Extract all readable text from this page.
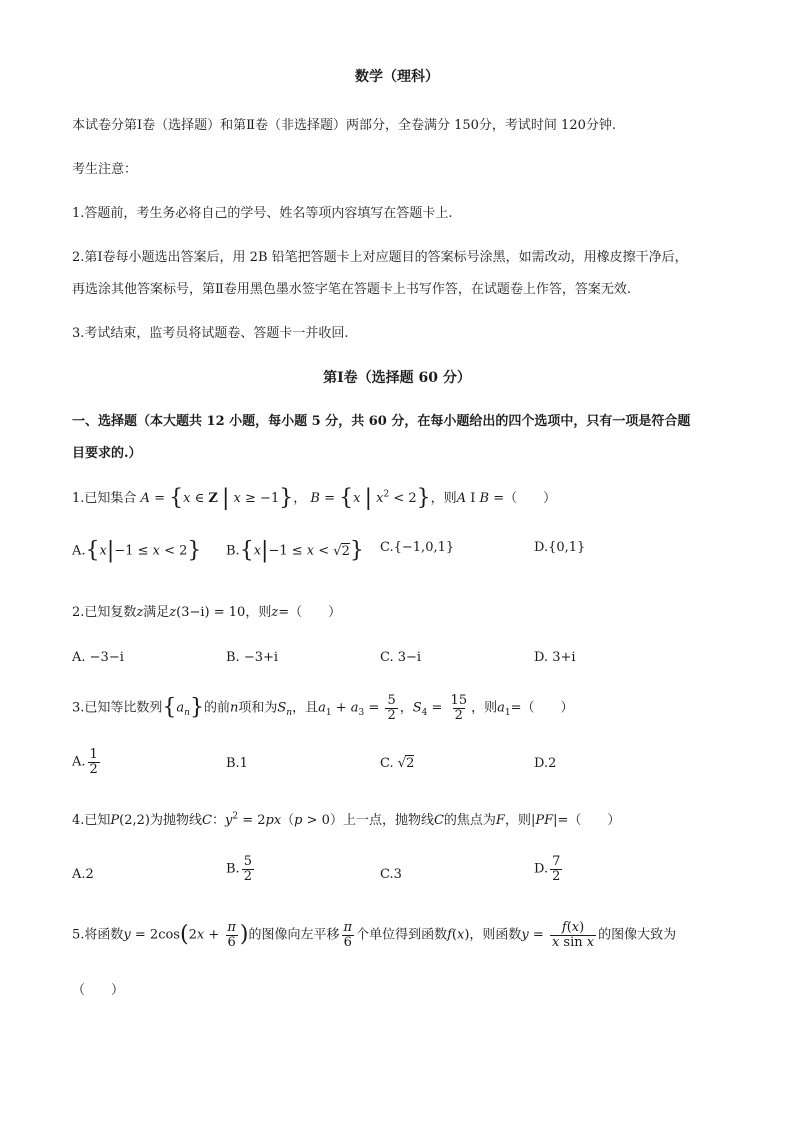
数学（理科）
本试卷分第Ⅰ卷（选择题）和第Ⅱ卷（非选择题）两部分，全卷满分 150分，考试时间 120分钟.
考生注意：
1.答题前，考生务必将自己的学号、姓名等项内容填写在答题卡上.
2.第Ⅰ卷每小题选出答案后，用 2B 铅笔把答题卡上对应题目的答案标号涂黑，如需改动，用橡皮擦干净后，
再选涂其他答案标号，第Ⅱ卷用黑色墨水签字笔在答题卡上书写作答，在试题卷上作答，答案无效.
3.考试结束，监考员将试题卷、答题卡一并收回.
第Ⅰ卷（选择题 60 分）
一、选择题（本大题共 12 小题，每小题 5 分，共 60 分，在每小题给出的四个选项中，只有一项是符合题
目要求的.）
1.已知集合 A = {x ∈ Z | x ≥ −1}， B = {x | $x^2 < 2$}，则A I B =（　　）
A.{x|−1 ≤ x < 2} B.{x|−1 ≤ x < √2} C.{−1,0,1}	D.{0,1}
2.已知复数z满足z(3−i) = 10，则z=（　　）
A. −3−i	B. −3+i	C. 3−i	D. 3+i
3.已知等比数列$\{a_n\}$的前n项和为$S_n$，且$a_1 + a_3 = \frac{5}{2}$ ，$S_4 = \frac{15}{2}$ ，则$a_1=$（　　）
A. $\frac{1}{2}$	B.1	C. √2	D.2
4.已知P(2,2)为抛物线C：$y^2 = 2px(p > 0)$上一点，抛物线C的焦点为F，则|PF|=（　　）
A.2	B. $\frac{5}{2}$	C.3	D. $\frac{7}{2}$
5.将函数$y = 2\cos(2x + \frac{\pi}{6}$ )的图像向左平移 $\frac{\pi}{6}$ 个单位得到函数f(x)，则函数$y = \frac{f(x)}{\text{x sin x}}$ 的图像大致为
（　　）
